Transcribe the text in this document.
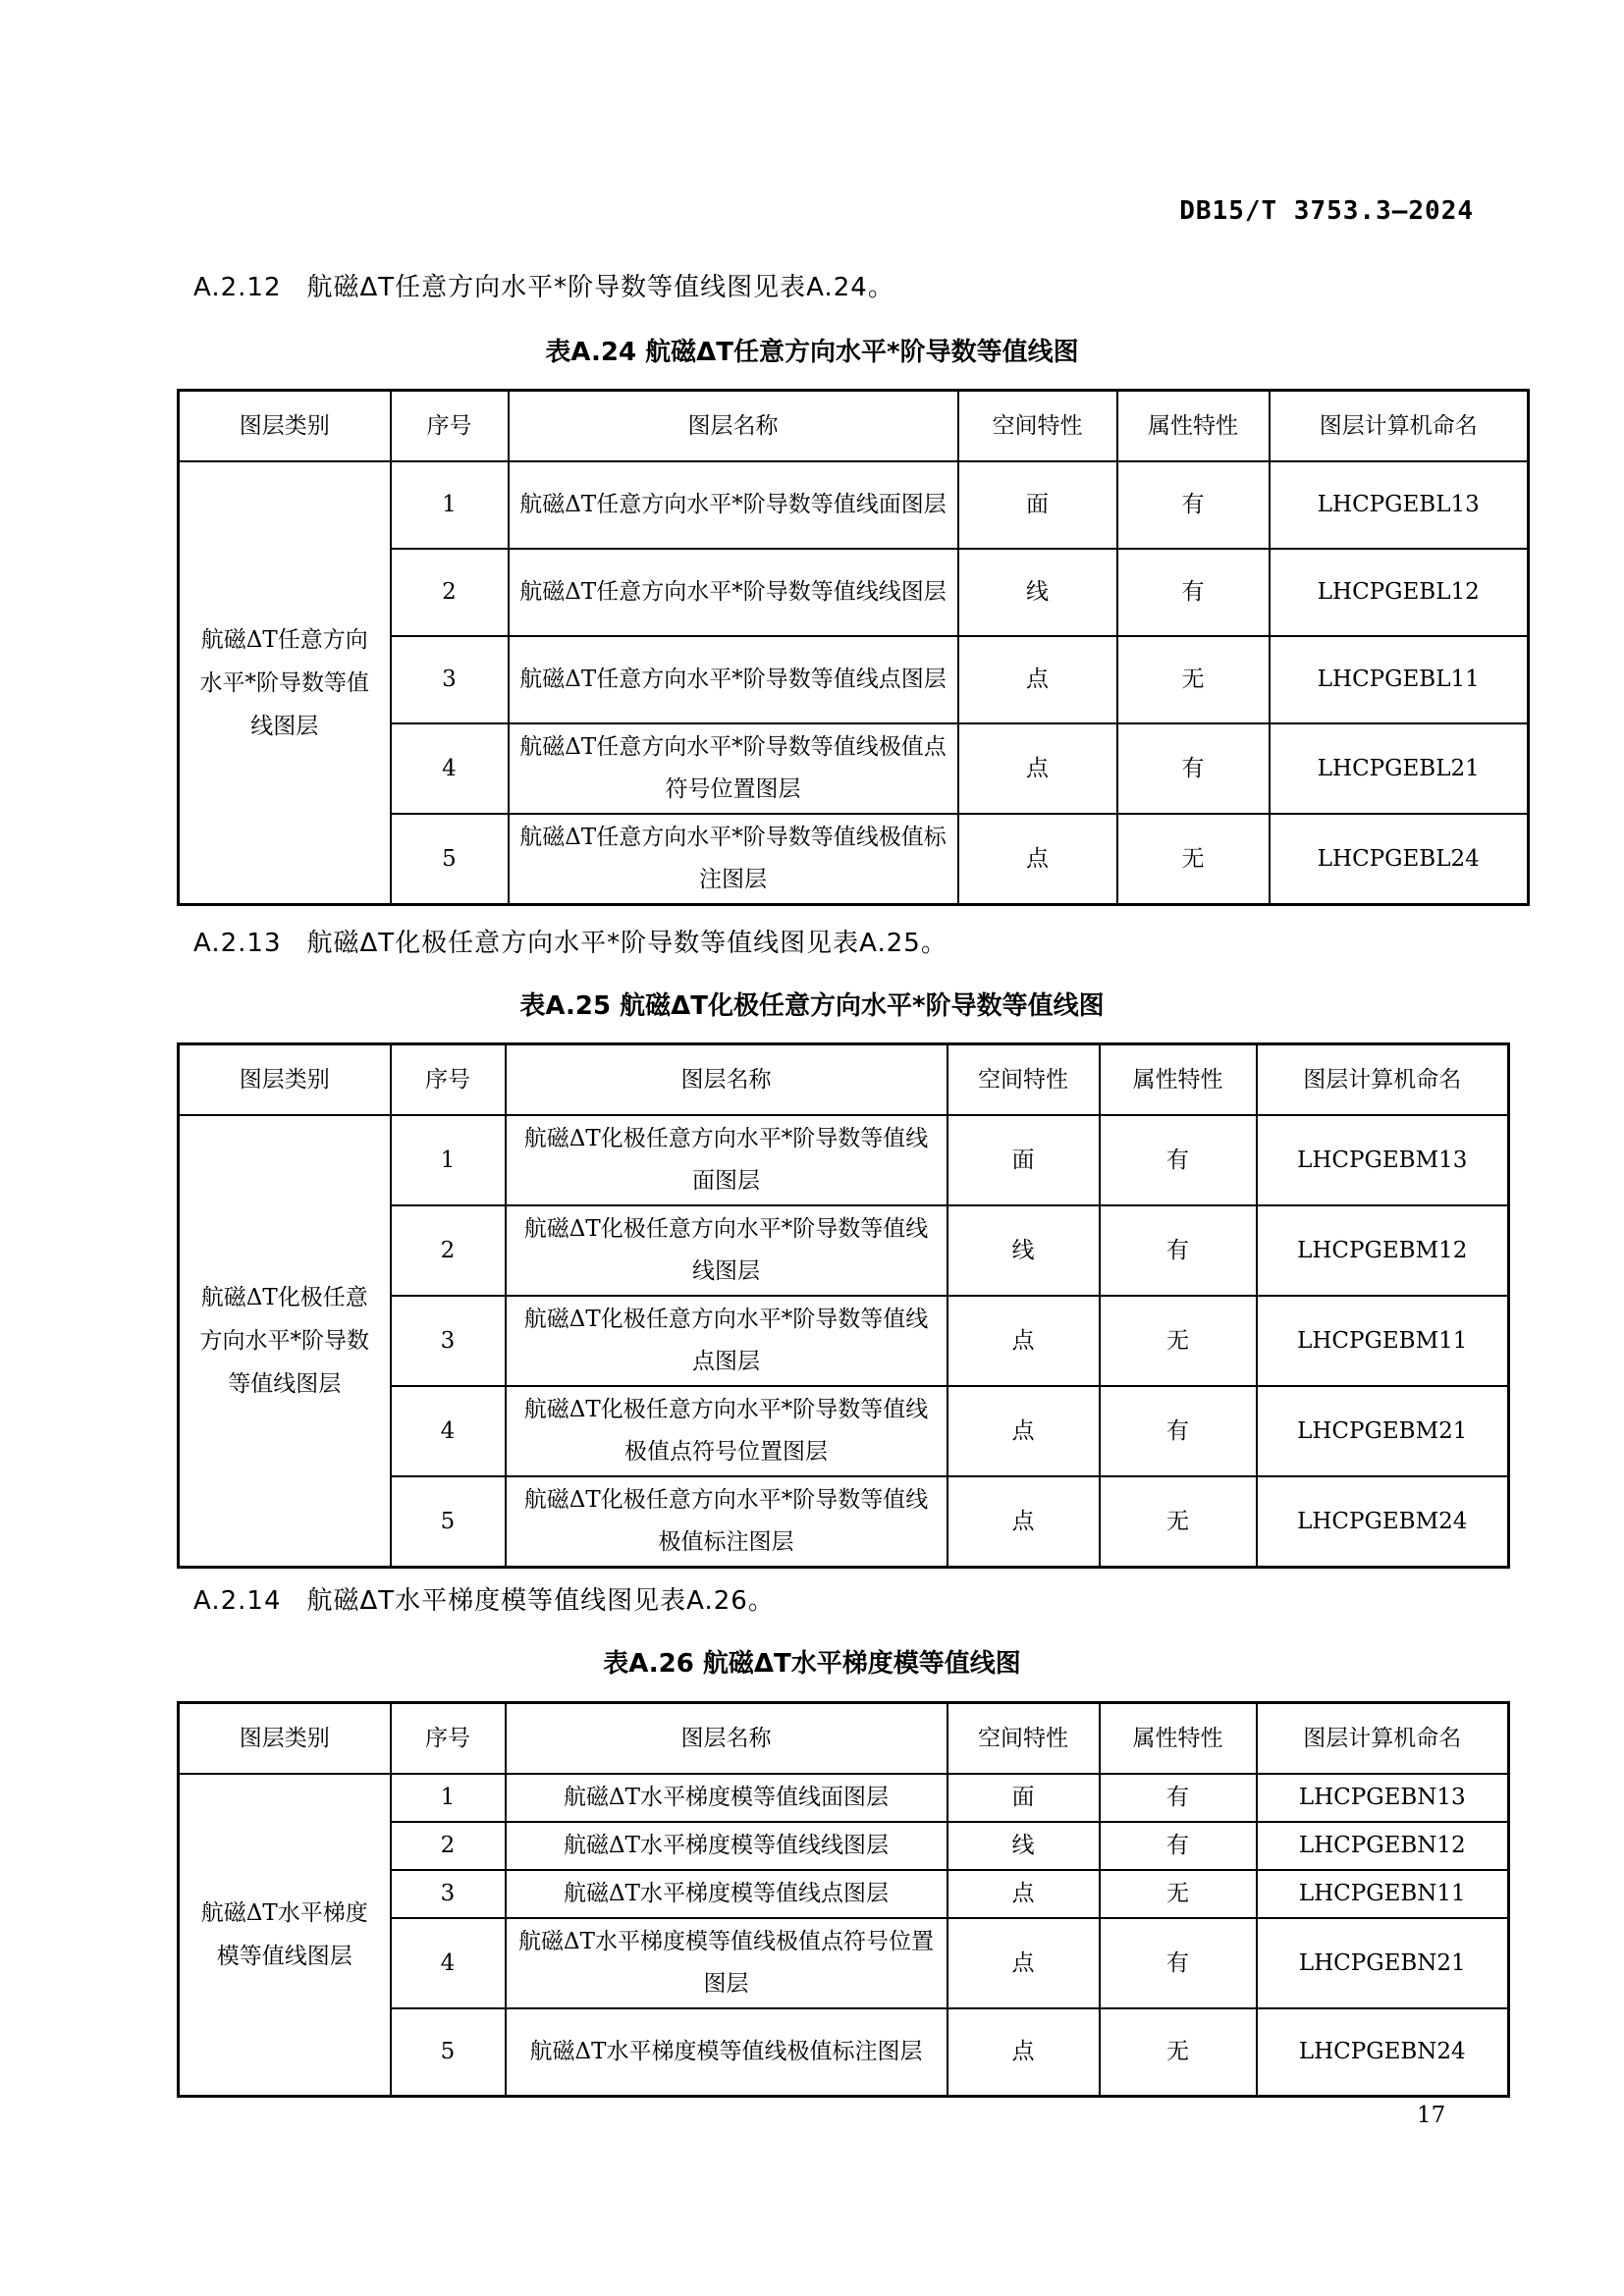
DB15/T 3753.3—2024
A.2.12 航磁ΔT任意方向水平*阶导数等值线图见表A.24。
表A.24 航磁ΔT任意方向水平*阶导数等值线图
图层类别	序号	图层名称	空间特性	属性特性	图层计算机命名
航磁ΔT任意方向水平*阶导数等值线图层	1	航磁ΔT任意方向水平*阶导数等值线面图层	面	有	LHCPGEBL13
	2	航磁ΔT任意方向水平*阶导数等值线线图层	线	有	LHCPGEBL12
	3	航磁ΔT任意方向水平*阶导数等值线点图层	点	无	LHCPGEBL11
	4	航磁ΔT任意方向水平*阶导数等值线极值点符号位置图层	点	有	LHCPGEBL21
	5	航磁ΔT任意方向水平*阶导数等值线极值标注图层	点	无	LHCPGEBL24
A.2.13 航磁ΔT化极任意方向水平*阶导数等值线图见表A.25。
表A.25 航磁ΔT化极任意方向水平*阶导数等值线图
图层类别	序号	图层名称	空间特性	属性特性	图层计算机命名
航磁ΔT化极任意方向水平*阶导数等值线图层	1	航磁ΔT化极任意方向水平*阶导数等值线面图层	面	有	LHCPGEBM13
	2	航磁ΔT化极任意方向水平*阶导数等值线线图层	线	有	LHCPGEBM12
	3	航磁ΔT化极任意方向水平*阶导数等值线点图层	点	无	LHCPGEBM11
	4	航磁ΔT化极任意方向水平*阶导数等值线极值点符号位置图层	点	有	LHCPGEBM21
	5	航磁ΔT化极任意方向水平*阶导数等值线极值标注图层	点	无	LHCPGEBM24
A.2.14 航磁ΔT水平梯度模等值线图见表A.26。
表A.26 航磁ΔT水平梯度模等值线图
图层类别	序号	图层名称	空间特性	属性特性	图层计算机命名
航磁ΔT水平梯度模等值线图层	1	航磁ΔT水平梯度模等值线面图层	面	有	LHCPGEBN13
	2	航磁ΔT水平梯度模等值线线图层	线	有	LHCPGEBN12
	3	航磁ΔT水平梯度模等值线点图层	点	无	LHCPGEBN11
	4	航磁ΔT水平梯度模等值线极值点符号位置图层	点	有	LHCPGEBN21
	5	航磁ΔT水平梯度模等值线极值标注图层	点	无	LHCPGEBN24
17
